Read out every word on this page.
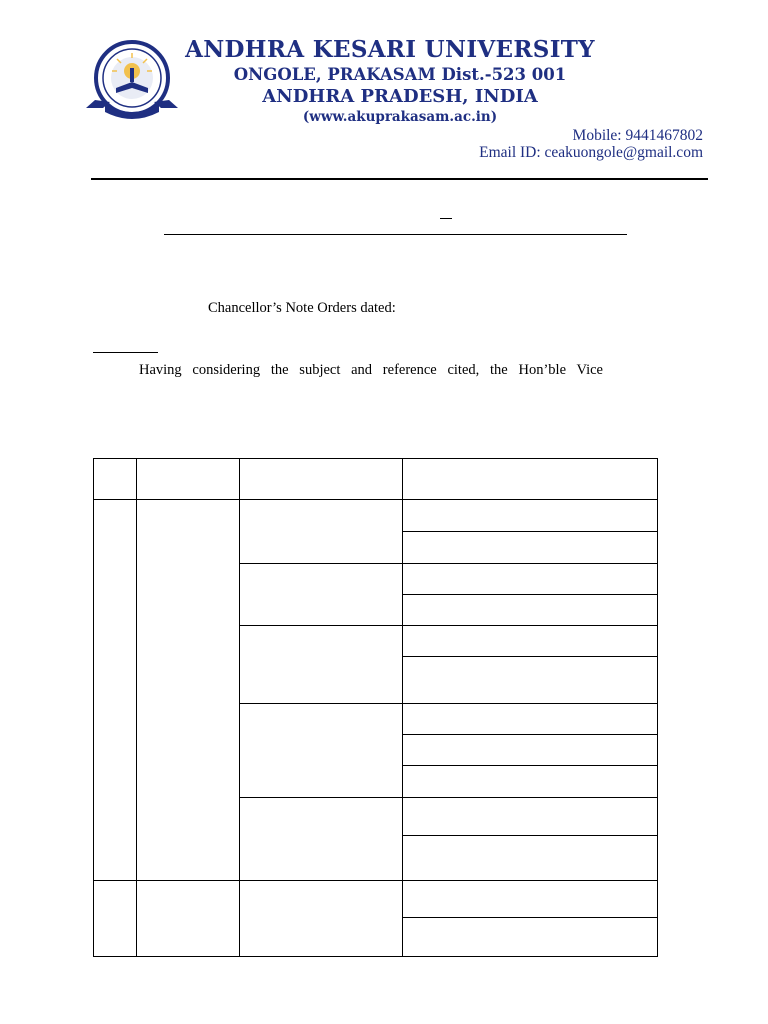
ANDHRA KESARI UNIVERSITY
ONGOLE, PRAKASAM Dist.-523 001
ANDHRA PRADESH, INDIA
(www.akuprakasam.ac.in)
Mobile: 9441467802
Email ID: ceakuongole@gmail.com
Chancellor’s Note Orders dated:
Having considering the subject and reference cited, the Hon’ble Vice
